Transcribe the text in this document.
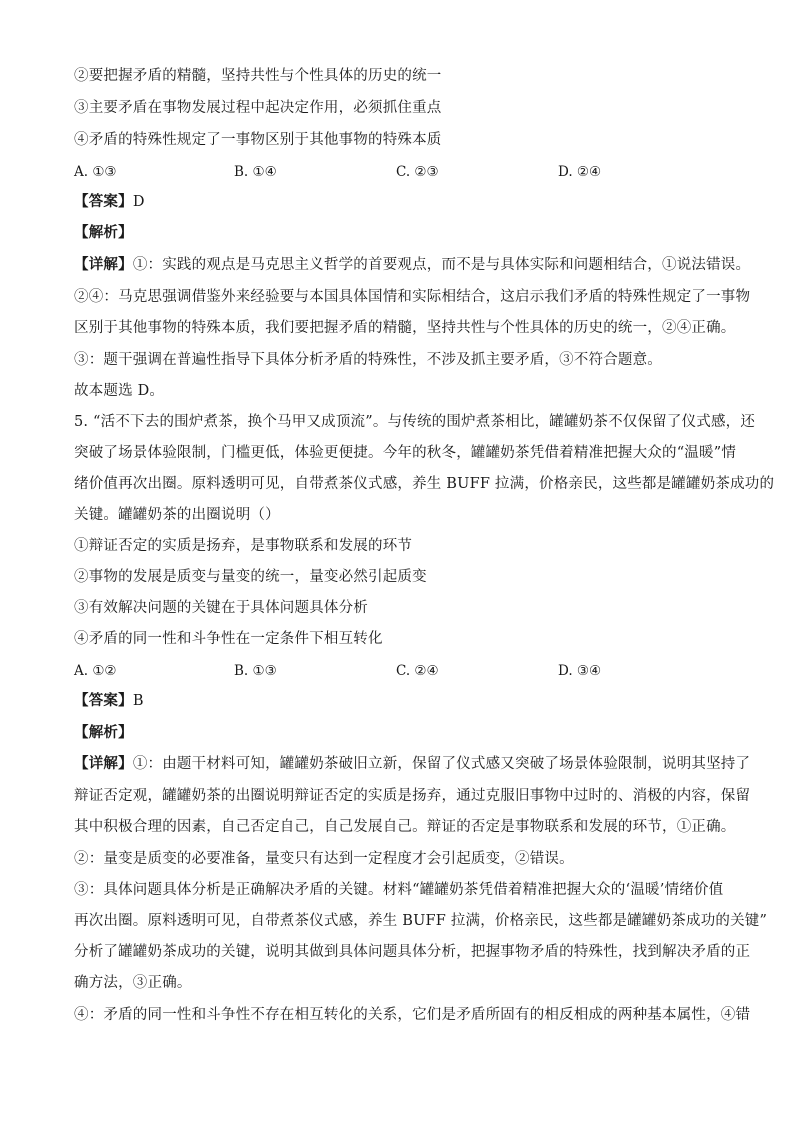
②要把握矛盾的精髓，坚持共性与个性具体的历史的统一
③主要矛盾在事物发展过程中起决定作用，必须抓住重点
④矛盾的特殊性规定了一事物区别于其他事物的特殊本质
A. ①③	B. ①④	C. ②③	D. ②④
【答案】D
【解析】
【详解】①：实践的观点是马克思主义哲学的首要观点，而不是与具体实际和问题相结合，①说法错误。
②④：马克思强调借鉴外来经验要与本国具体国情和实际相结合，这启示我们矛盾的特殊性规定了一事物
区别于其他事物的特殊本质，我们要把握矛盾的精髓，坚持共性与个性具体的历史的统一，②④正确。
③：题干强调在普遍性指导下具体分析矛盾的特殊性，不涉及抓主要矛盾，③不符合题意。
故本题选 D。
5. “活不下去的围炉煮茶，换个马甲又成顶流”。与传统的围炉煮茶相比，罐罐奶茶不仅保留了仪式感，还
突破了场景体验限制，门槛更低，体验更便捷。今年的秋冬，罐罐奶茶凭借着精准把握大众的“温暖”情
绪价值再次出圈。原料透明可见，自带煮茶仪式感，养生 BUFF 拉满，价格亲民，这些都是罐罐奶茶成功的
关键。罐罐奶茶的出圈说明（）
①辩证否定的实质是扬弃，是事物联系和发展的环节
②事物的发展是质变与量变的统一，量变必然引起质变
③有效解决问题的关键在于具体问题具体分析
④矛盾的同一性和斗争性在一定条件下相互转化
A. ①②	B. ①③	C. ②④	D. ③④
【答案】B
【解析】
【详解】①：由题干材料可知，罐罐奶茶破旧立新，保留了仪式感又突破了场景体验限制，说明其坚持了
辩证否定观，罐罐奶茶的出圈说明辩证否定的实质是扬弃，通过克服旧事物中过时的、消极的内容，保留
其中积极合理的因素，自己否定自己，自己发展自己。辩证的否定是事物联系和发展的环节，①正确。
②：量变是质变的必要准备，量变只有达到一定程度才会引起质变，②错误。
③：具体问题具体分析是正确解决矛盾的关键。材料“罐罐奶茶凭借着精准把握大众的‘温暖’情绪价值
再次出圈。原料透明可见，自带煮茶仪式感，养生 BUFF 拉满，价格亲民，这些都是罐罐奶茶成功的关键”
分析了罐罐奶茶成功的关键，说明其做到具体问题具体分析，把握事物矛盾的特殊性，找到解决矛盾的正
确方法，③正确。
④：矛盾的同一性和斗争性不存在相互转化的关系，它们是矛盾所固有的相反相成的两种基本属性，④错
